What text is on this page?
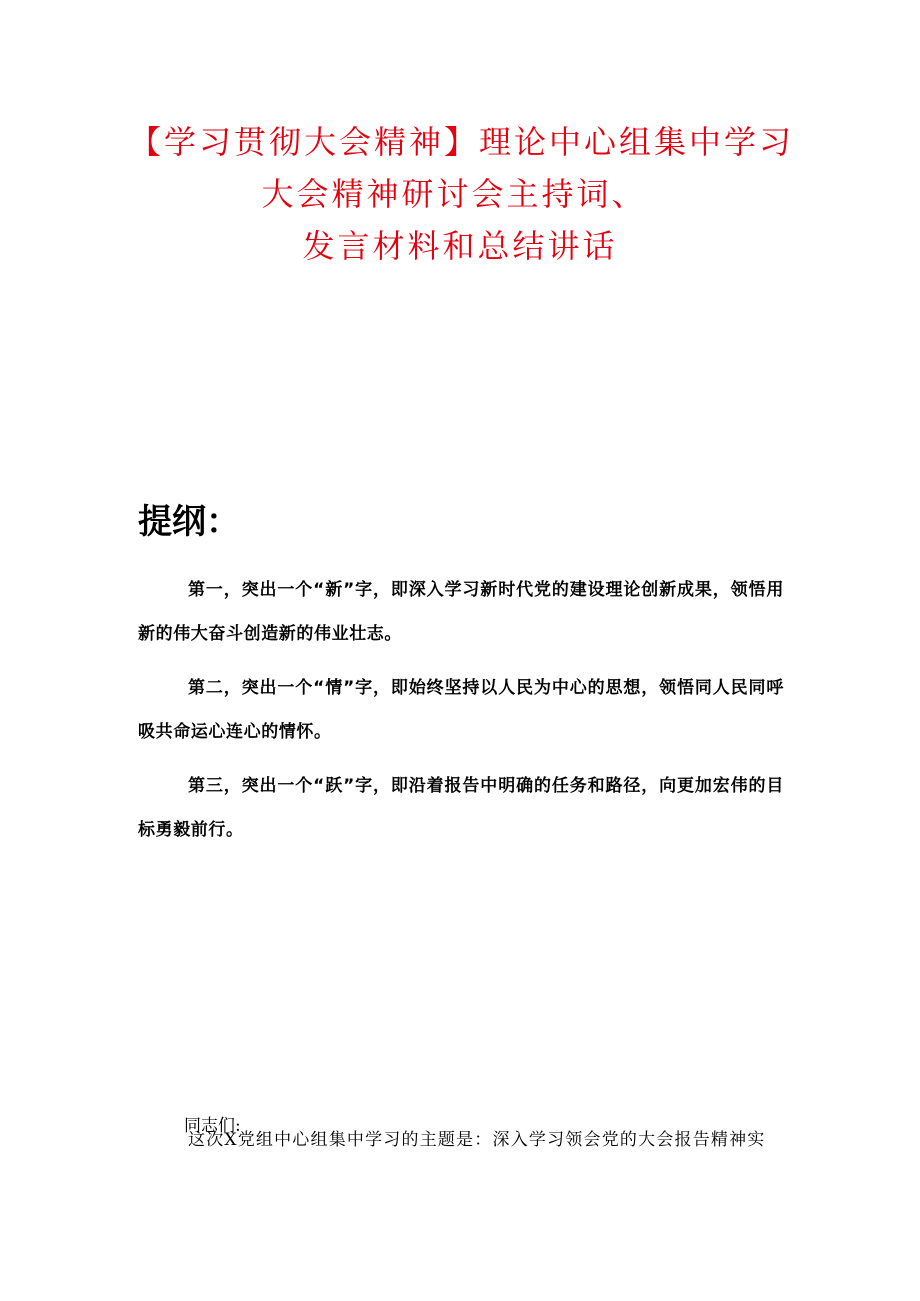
【学习贯彻大会精神】理论中心组集中学习
大会精神研讨会主持词、
发言材料和总结讲话
提纲：

第一，突出一个“新”字，即深入学习新时代党的建设理论创新成果，领悟用新的伟大奋斗创造新的伟业壮志。

第二，突出一个“情”字，即始终坚持以人民为中心的思想，领悟同人民同呼吸共命运心连心的情怀。

第三，突出一个“跃”字，即沿着报告中明确的任务和路径，向更加宏伟的目标勇毅前行。

同志们:
这次X党组中心组集中学习的主题是：深入学习领会党的大会报告精神实
